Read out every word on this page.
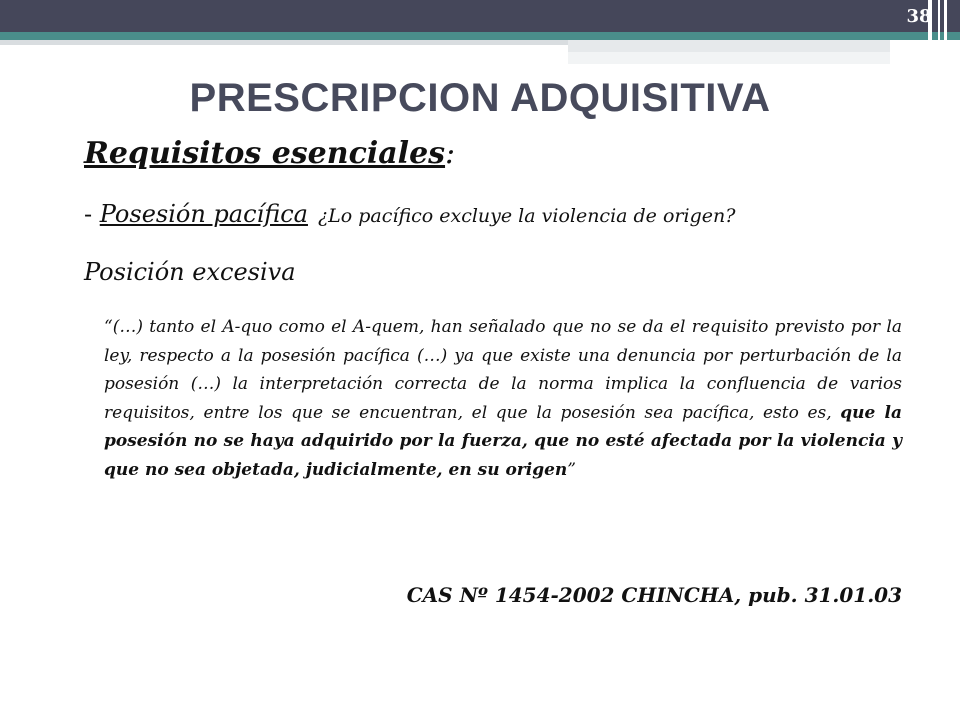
38
PRESCRIPCION ADQUISITIVA
Requisitos esenciales:
- Posesión pacífica ¿Lo pacífico excluye la violencia de origen?
Posición excesiva
“(…) tanto el A-quo como el A-quem, han señalado que no se da el requisito previsto por la ley, respecto a la posesión pacífica (…) ya que existe una denuncia por perturbación de la posesión (…) la interpretación correcta de la norma implica la confluencia de varios requisitos, entre los que se encuentran, el que la posesión sea pacífica, esto es, que la posesión no se haya adquirido por la fuerza, que no esté afectada por la violencia y que no sea objetada, judicialmente, en su origen”
CAS Nº 1454-2002 CHINCHA, pub. 31.01.03
